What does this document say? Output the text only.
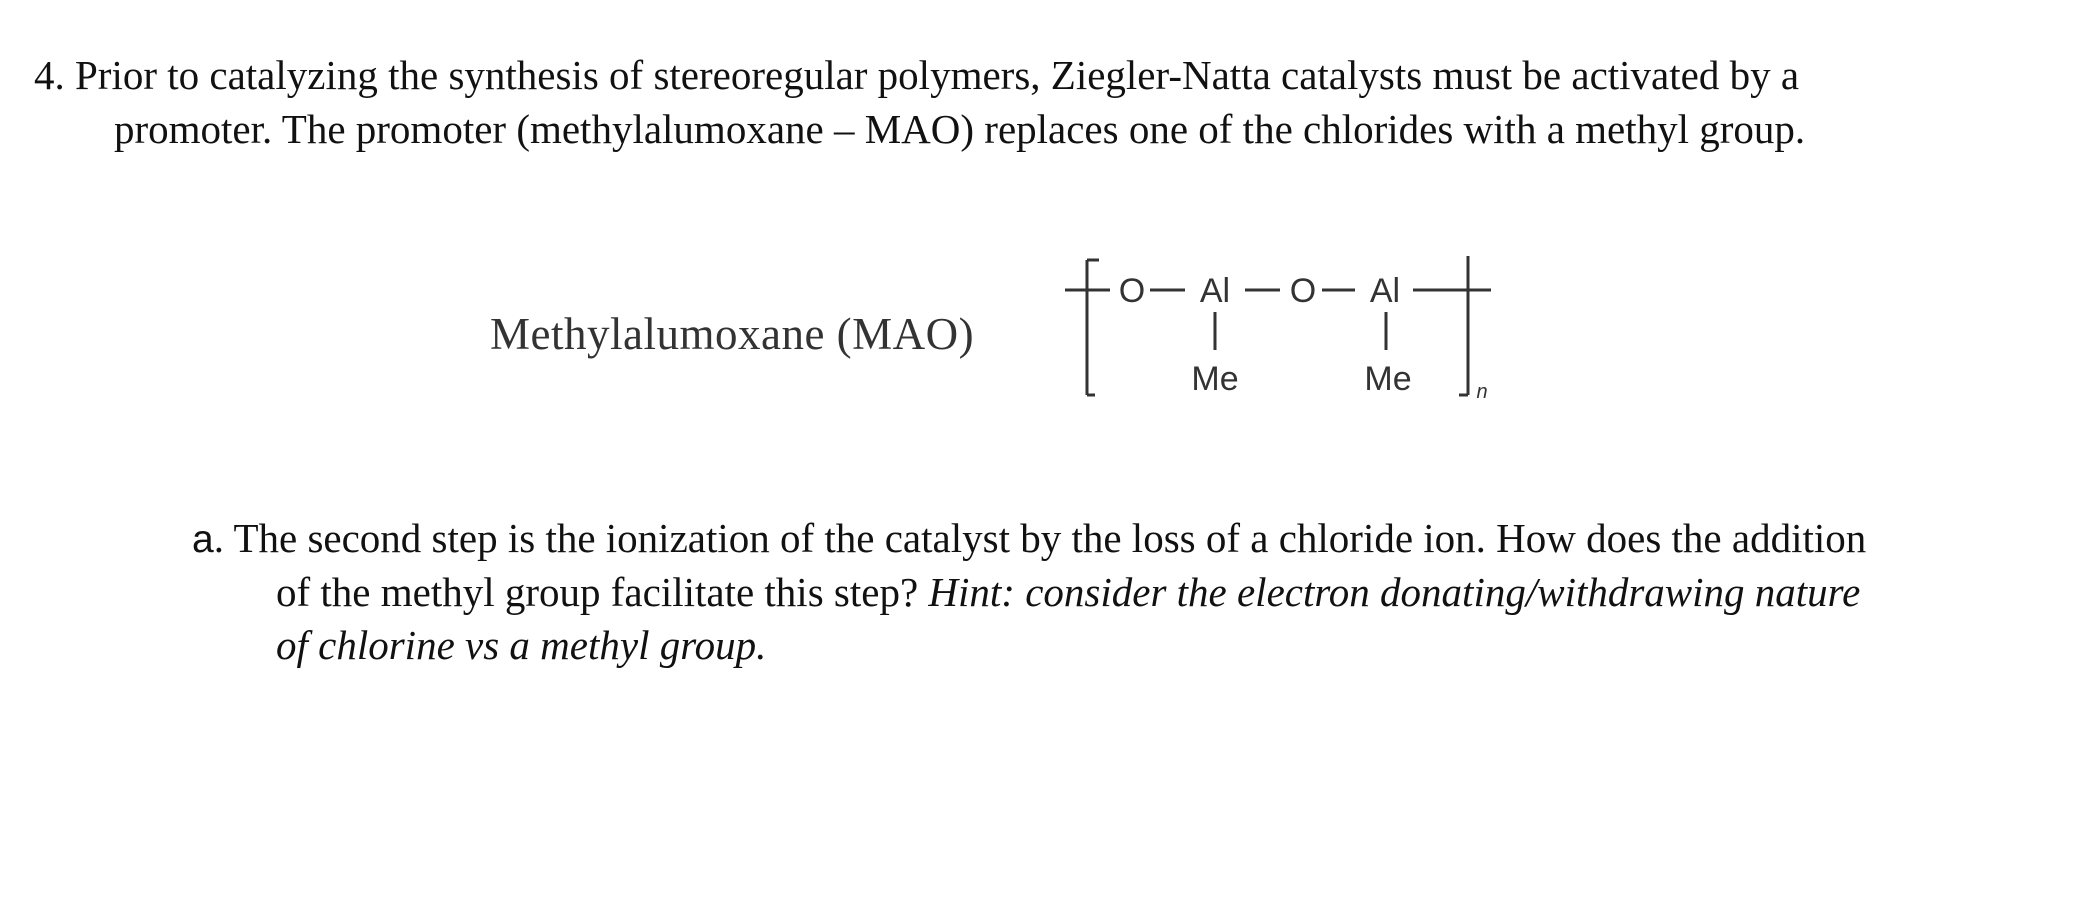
4. Prior to catalyzing the synthesis of stereoregular polymers, Ziegler-Natta catalysts must be activated by a
promoter. The promoter (methylalumoxane – MAO) replaces one of the chlorides with a methyl group.
Methylalumoxane (MAO)
O Al O Al
Me	Me	n
a. The second step is the ionization of the catalyst by the loss of a chloride ion. How does the addition
of the methyl group facilitate this step? Hint: consider the electron donating/withdrawing nature
of chlorine vs a methyl group.
